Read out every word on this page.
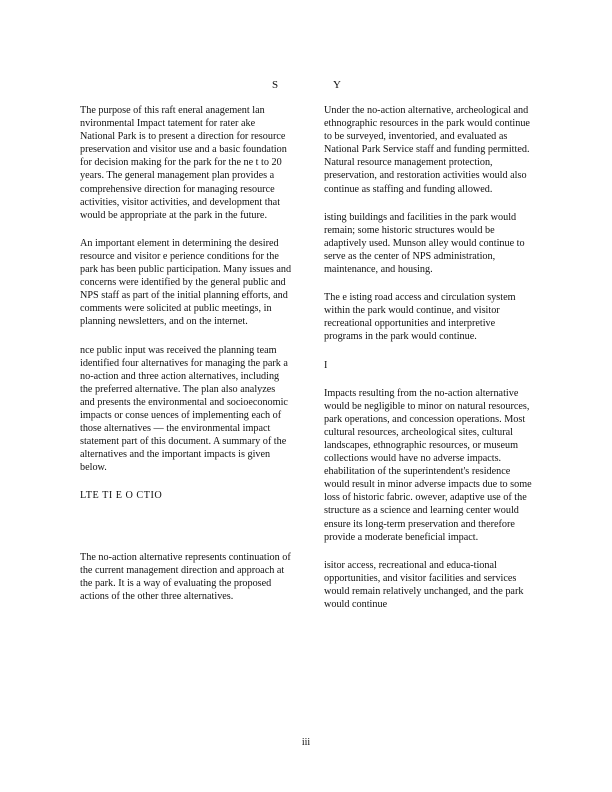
S	Y

The purpose of this raft eneral anagement lan nvironmental Impact tatement for rater ake National Park is to present a direction for resource preservation and visitor use and a basic foundation for decision making for the park for the ne t to 20 years. The general management plan provides a comprehensive direction for managing resource activities, visitor activities, and development that would be appropriate at the park in the future.

An important element in determining the desired resource and visitor e perience conditions for the park has been public participation. Many issues and concerns were identified by the general public and NPS staff as part of the initial planning efforts, and comments were solicited at public meetings, in planning newsletters, and on the internet.

nce public input was received the planning team identified four alternatives for managing the park a no-action and three action alternatives, including the preferred alternative. The plan also analyzes and presents the environmental and socioeconomic impacts or conse uences of implementing each of those alternatives — the environmental impact statement part of this document. A summary of the alternatives and the important impacts is given below.

LTE TI E O CTIO

The no-action alternative represents continuation of the current management direction and approach at the park. It is a way of evaluating the proposed actions of the other three alternatives.

Under the no-action alternative, archeological and ethnographic resources in the park would continue to be surveyed, inventoried, and evaluated as National Park Service staff and funding permitted. Natural resource management protection, preservation, and restoration activities would also continue as staffing and funding allowed.

isting buildings and facilities in the park would remain; some historic structures would be adaptively used. Munson alley would continue to serve as the center of NPS administration, maintenance, and housing.

The e isting road access and circulation system within the park would continue, and visitor recreational opportunities and interpretive programs in the park would continue.

I

Impacts resulting from the no-action alternative would be negligible to minor on natural resources, park operations, and concession operations. Most cultural resources, archeological sites, cultural landscapes, ethnographic resources, or museum collections would have no adverse impacts. ehabilitation of the superintendent's residence would result in minor adverse impacts due to some loss of historic fabric. owever, adaptive use of the structure as a science and learning center would ensure its long-term preservation and therefore provide a moderate beneficial impact.

isitor access, recreational and educa-tional opportunities, and visitor facilities and services would remain relatively unchanged, and the park would continue

iii
